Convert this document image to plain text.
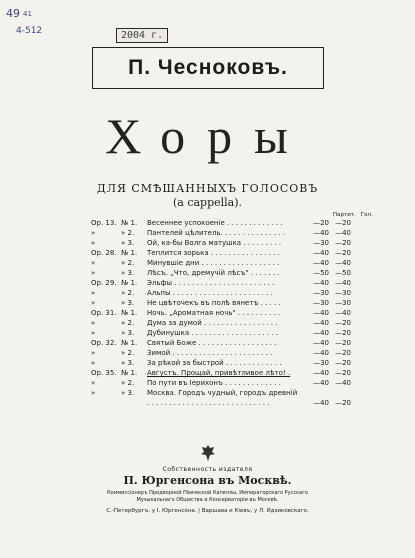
49 $^{41}$
4-512	2004 г.
П. Чесноковъ.
Хоры
ДЛЯ СМѢШАННЫХЪ ГОЛОСОВЪ
(а cappella).
Партит. Гол.
Ор. 13. № 1.	Весеннее успокоеніе . . . . . . . . . . . . .	—20 —20
»	» 2.	Пантелей цѣлитель. . . . . . . . . . . . . . .	—40 —40
»	» 3.	Ой, ка-бы Волга матушка . . . . . . . . .	—30 —20
Ор. 28. № 1.	Теплится зорька . . . . . . . . . . . . . . . .	—40 —20
»	» 2.	Минувшіе дни . . . . . . . . . . . . . . . . . .	—40 —40
»	» 3.	Лѣсъ. „Что, дремучій лѣсъ" . . . . . . .	—50 —50
Ор. 29. № 1.	Эльфы . . . . . . . . . . . . . . . . . . . . . . .	—40 —40
»	» 2.	Альпы . . . . . . . . . . . . . . . . . . . . . . .	—30 —30
»	» 3.	Не цвѣточекъ въ полѣ вянетъ . . . . .	—30 —30
Ор. 31. № 1.	Ночь. „Ароматная ночь" . . . . . . . . . .	—40 —40
»	» 2.	Дума за думой . . . . . . . . . . . . . . . . .	—40 —20
»	» 3.	Дубинушка . . . . . . . . . . . . . . . . . . . .	—40 —20
Ор. 32. № 1.	Святый Боже . . . . . . . . . . . . . . . . . .	—40 —20
»	» 2.	Зимой . . . . . . . . . . . . . . . . . . . . . . .	—40 —20
»	» 3.	За рѣкой за быстрой . . . . . . . . . . . . .	—30 —20
Ор. 35. № 1.	Августъ. Прощай, привѣтливое лѣто! .	—40 —20
»	» 2.	По пути въ Іерихонъ . . . . . . . . . . . . .	—40 —40
»	» 3.	Москва. Городъ чудный, городъ древній
. . . . . . . . . . . . . . . . . . . . . . . . . . . .	—40 —20
Собственность издателя
П. Юргенсона въ Москвѣ.
Коммиссіонеръ Придворной Пѣвческой Капеллы, Императорскаго Русскаго Музыкальнаго Общества и Консерваторіи въ Москвѣ.
С.-Петербургъ, у I. Юргенсона. | Варшава и Кіевъ, у Л. Идзиковскаго.
